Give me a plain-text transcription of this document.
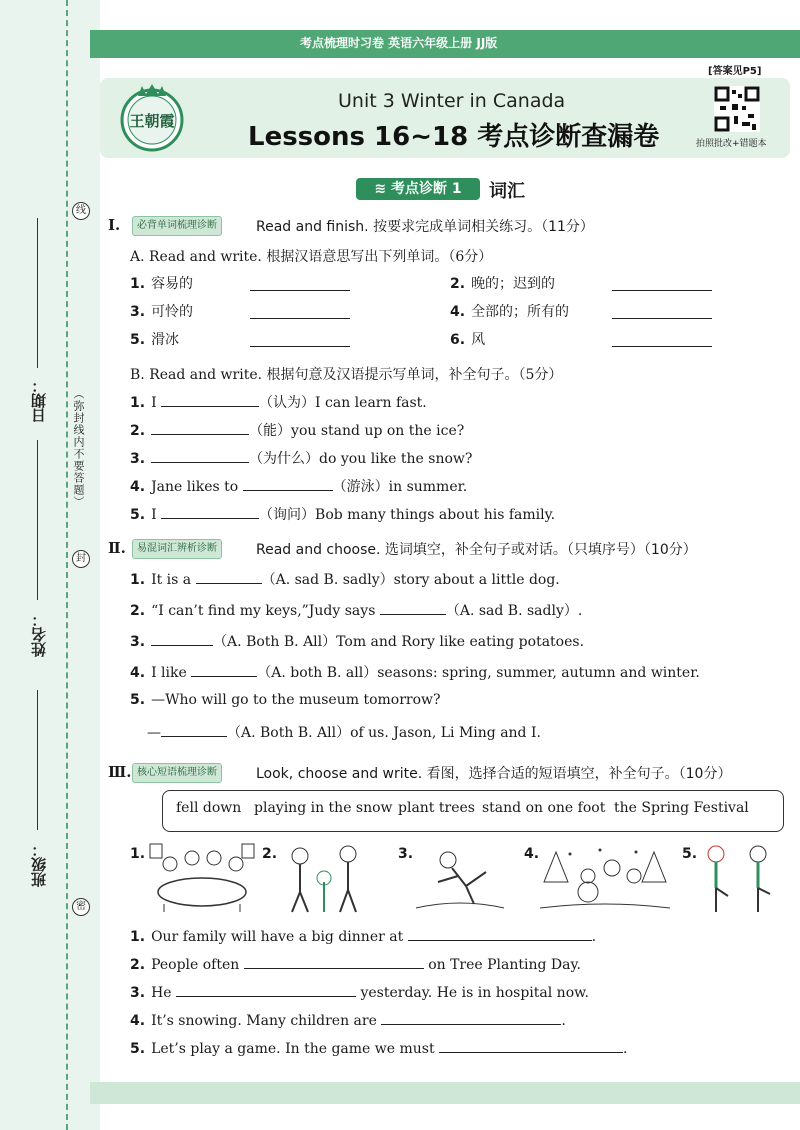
日期：
姓名：
班级：
线
封
密
（弥封线内不要答题）
考点梳理时习卷 英语六年级上册 JJ版
[答案见P5]
王朝霞
Unit 3 Winter in Canada
Lessons 16~18 考点诊断查漏卷	拍照批改+错题本
≋ 考点诊断 1	词汇
Ⅰ.	必背单词梳理诊断	Read and finish. 按要求完成单词相关练习。（11分）
A. Read and write. 根据汉语意思写出下列单词。（6分）
1. 容易的	2. 晚的；迟到的
3. 可怜的	4. 全部的；所有的
5. 滑冰	6. 风
B. Read and write. 根据句意及汉语提示写单词，补全句子。（5分）
1. I	（认为）I can learn fast.
2.	（能）you stand up on the ice?
3.	（为什么）do you like the snow?
4. Jane likes to	（游泳）in summer.
5. I	（询问）Bob many things about his family.
Ⅱ.	易混词汇辨析诊断	Read and choose. 选词填空，补全句子或对话。（只填序号）（10分）
1. It is a	（A. sad B. sadly）story about a little dog.
2. “I can’t find my keys,”Judy says	（A. sad B. sadly）.
3.	（A. Both B. All）Tom and Rory like eating potatoes.
4. I like	（A. both B. all）seasons: spring, summer, autumn and winter.
5. —Who will go to the museum tomorrow?
—	（A. Both B. All）of us. Jason, Li Ming and I.
Ⅲ. 核心短语梳理诊断	Look, choose and write. 看图，选择合适的短语填空，补全句子。（10分）
fell down playing in the snow plant trees stand on one foot the Spring Festival
1.	2.	3.	4.	5.
1. Our family will have a big dinner at	.
2. People often	on Tree Planting Day.
3. He	yesterday. He is in hospital now.
4. It’s snowing. Many children are	.
5. Let’s play a game. In the game we must	.
